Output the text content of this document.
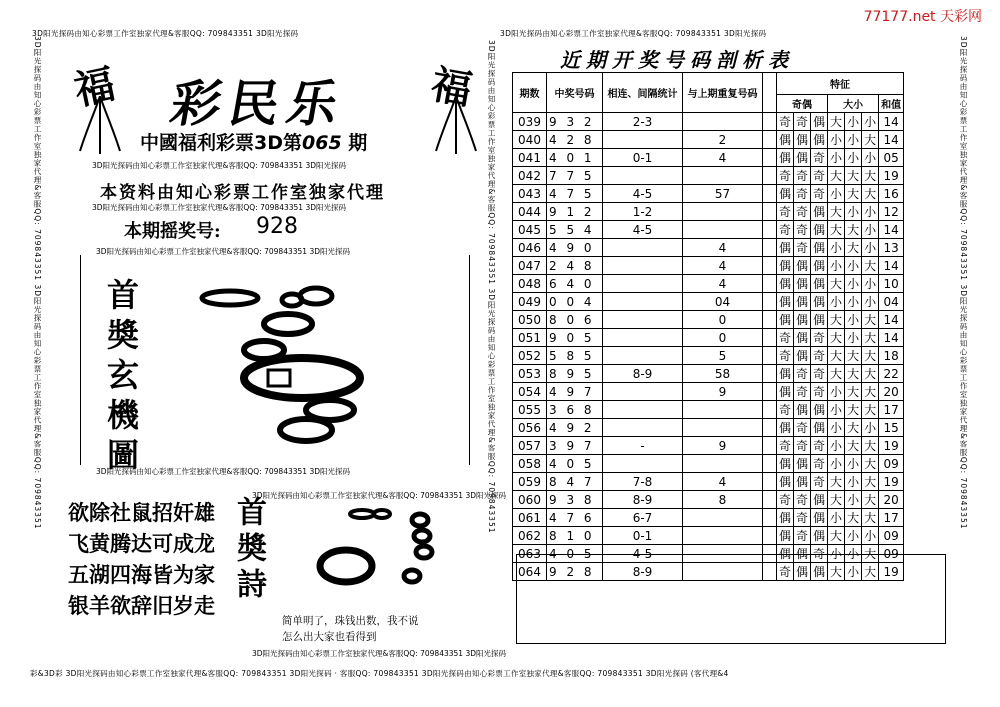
77177.net 天彩网
3D阳光探码由知心彩票工作室独家代理&客服QQ: 709843351 3D阳光探码	3D阳光探码由知心彩票工作室独家代理&客服QQ: 709843351 3D阳光探码
彩&3D彩 3D阳光探码由知心彩票工作室独家代理&客服QQ: 709843351 3D阳光探码 · 客服QQ: 709843351 3D阳光探码由知心彩票工作室独家代理&客服QQ: 709843351 3D阳光探码 (客代理&4
3D阳光探码由知心彩票工作室独家代理&客服QQ: 709843351 3D阳光探码由知心彩票工作室独家代理&客服QQ: 709843351	3D阳光探码由知心彩票工作室独家代理&客服QQ: 709843351 3D阳光探码由知心彩票工作室独家代理&客服QQ: 709843351
3D阳光探码由知心彩票工作室独家代理&客服QQ: 709843351 3D阳光探码由知心彩票工作室独家代理&客服QQ: 709843351
福	福
彩民乐
中國福利彩票3D第065 期
3D阳光探码由知心彩票工作室独家代理&客服QQ: 709843351 3D阳光探码
本资料由知心彩票工作室独家代理
3D阳光探码由知心彩票工作室独家代理&客服QQ: 709843351 3D阳光探码
本期摇奖号: 928
3D阳光探码由知心彩票工作室独家代理&客服QQ: 709843351 3D阳光探码
首奬玄機圖
3D阳光探码由知心彩票工作室独家代理&客服QQ: 709843351 3D阳光探码
欲除社鼠招奸雄
飞黄腾达可成龙
五湖四海皆为家
银羊欲辞旧岁走
首奬詩
3D阳光探码由知心彩票工作室独家代理&客服QQ: 709843351 3D阳光探码
简单明了，珠钱出数，我不说
怎么出大家也看得到
3D阳光探码由知心彩票工作室独家代理&客服QQ: 709843351 3D阳光探码
近期开奖号码剖析表
期数	中奖号码	相连、间隔统计	与上期重复号码		特征						
					奇偶			大小			和值
039	9 3 2	2-3			奇	奇	偶	大	小	小	14
040	4 2 8		2		偶	偶	偶	小	小	大	14
041	4 0 1	0-1	4		偶	偶	奇	小	小	小	05
042	7 7 5				奇	奇	奇	大	大	大	19
043	4 7 5	4-5	57		偶	奇	奇	小	大	大	16
044	9 1 2	1-2			奇	奇	偶	大	小	小	12
045	5 5 4	4-5			奇	奇	偶	大	大	小	14
046	4 9 0		4		偶	奇	偶	小	大	小	13
047	2 4 8		4		偶	偶	偶	小	小	大	14
048	6 4 0		4		偶	偶	偶	大	小	小	10
049	0 0 4		04		偶	偶	偶	小	小	小	04
050	8 0 6		0		偶	偶	偶	大	小	大	14
051	9 0 5		0		奇	偶	奇	大	小	大	14
052	5 8 5		5		奇	偶	奇	大	大	大	18
053	8 9 5	8-9	58		偶	奇	奇	大	大	大	22
054	4 9 7		9		偶	奇	奇	小	大	大	20
055	3 6 8				奇	偶	偶	小	大	大	17
056	4 9 2				偶	奇	偶	小	大	小	15
057	3 9 7	-	9		奇	奇	奇	小	大	大	19
058	4 0 5				偶	偶	奇	小	小	大	09
059	8 4 7	7-8	4		偶	偶	奇	大	小	大	19
060	9 3 8	8-9	8		奇	奇	偶	大	小	大	20
061	4 7 6	6-7			偶	奇	偶	小	大	大	17
062	8 1 0	0-1			偶	奇	偶	大	小	小	09
063	4 0 5	4-5			偶	偶	奇	小	小	大	09
064	9 2 8	8-9			奇	偶	偶	大	小	大	19
